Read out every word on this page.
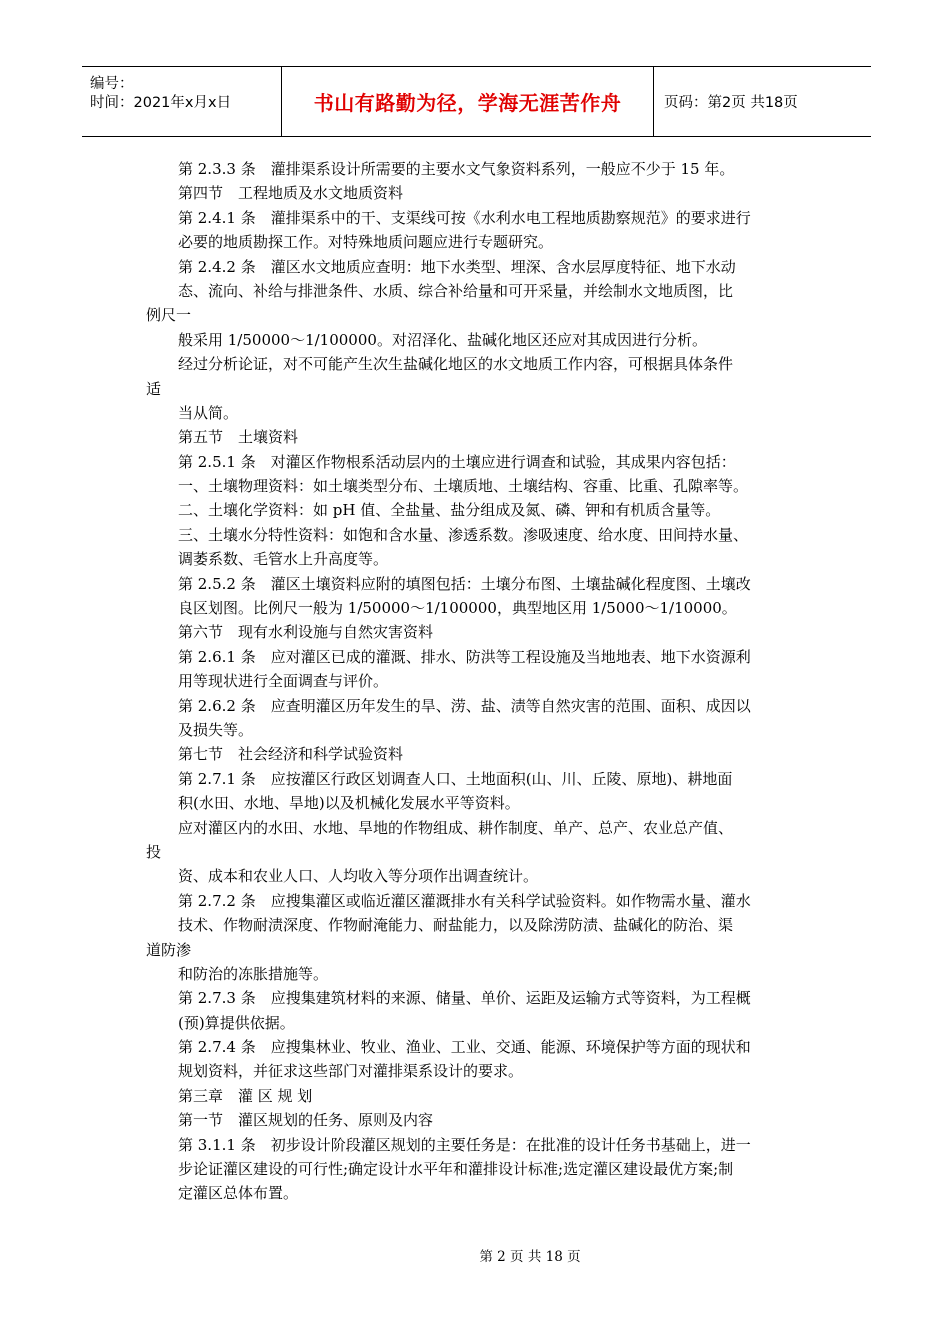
编号：
时间：2021年x月x日	书山有路勤为径，学海无涯苦作舟	页码：第2页 共18页
第 2.3.3 条　灌排渠系设计所需要的主要水文气象资料系列，一般应不少于 15 年。
第四节　工程地质及水文地质资料
第 2.4.1 条　灌排渠系中的干、支渠线可按《水利水电工程地质勘察规范》的要求进行
必要的地质勘探工作。对特殊地质问题应进行专题研究。
第 2.4.2 条　灌区水文地质应查明：地下水类型、埋深、含水层厚度特征、地下水动
态、流向、补给与排泄条件、水质、综合补给量和可开采量，并绘制水文地质图，比
例尺一
般采用 1/50000～1/100000。对沼泽化、盐碱化地区还应对其成因进行分析。
经过分析论证，对不可能产生次生盐碱化地区的水文地质工作内容，可根据具体条件
适
当从简。
第五节　土壤资料
第 2.5.1 条　对灌区作物根系活动层内的土壤应进行调查和试验，其成果内容包括：
一、土壤物理资料：如土壤类型分布、土壤质地、土壤结构、容重、比重、孔隙率等。
二、土壤化学资料：如 pH 值、全盐量、盐分组成及氮、磷、钾和有机质含量等。
三、土壤水分特性资料：如饱和含水量、渗透系数。渗吸速度、给水度、田间持水量、
调萎系数、毛管水上升高度等。
第 2.5.2 条　灌区土壤资料应附的填图包括：土壤分布图、土壤盐碱化程度图、土壤改
良区划图。比例尺一般为 1/50000～1/100000，典型地区用 1/5000～1/10000。
第六节　现有水利设施与自然灾害资料
第 2.6.1 条　应对灌区已成的灌溉、排水、防洪等工程设施及当地地表、地下水资源利
用等现状进行全面调查与评价。
第 2.6.2 条　应查明灌区历年发生的旱、涝、盐、渍等自然灾害的范围、面积、成因以
及损失等。
第七节　社会经济和科学试验资料
第 2.7.1 条　应按灌区行政区划调查人口、土地面积(山、川、丘陵、原地)、耕地面
积(水田、水地、旱地)以及机械化发展水平等资料。
应对灌区内的水田、水地、旱地的作物组成、耕作制度、单产、总产、农业总产值、
投
资、成本和农业人口、人均收入等分项作出调查统计。
第 2.7.2 条　应搜集灌区或临近灌区灌溉排水有关科学试验资料。如作物需水量、灌水
技术、作物耐渍深度、作物耐淹能力、耐盐能力，以及除涝防渍、盐碱化的防治、渠
道防渗
和防治的冻胀措施等。
第 2.7.3 条　应搜集建筑材料的来源、储量、单价、运距及运输方式等资料，为工程概
(预)算提供依据。
第 2.7.4 条　应搜集林业、牧业、渔业、工业、交通、能源、环境保护等方面的现状和
规划资料，并征求这些部门对灌排渠系设计的要求。
第三章　灌 区 规 划
第一节　灌区规划的任务、原则及内容
第 3.1.1 条　初步设计阶段灌区规划的主要任务是：在批准的设计任务书基础上，进一
步论证灌区建设的可行性;确定设计水平年和灌排设计标准;选定灌区建设最优方案;制
定灌区总体布置。
第 2 页 共 18 页
